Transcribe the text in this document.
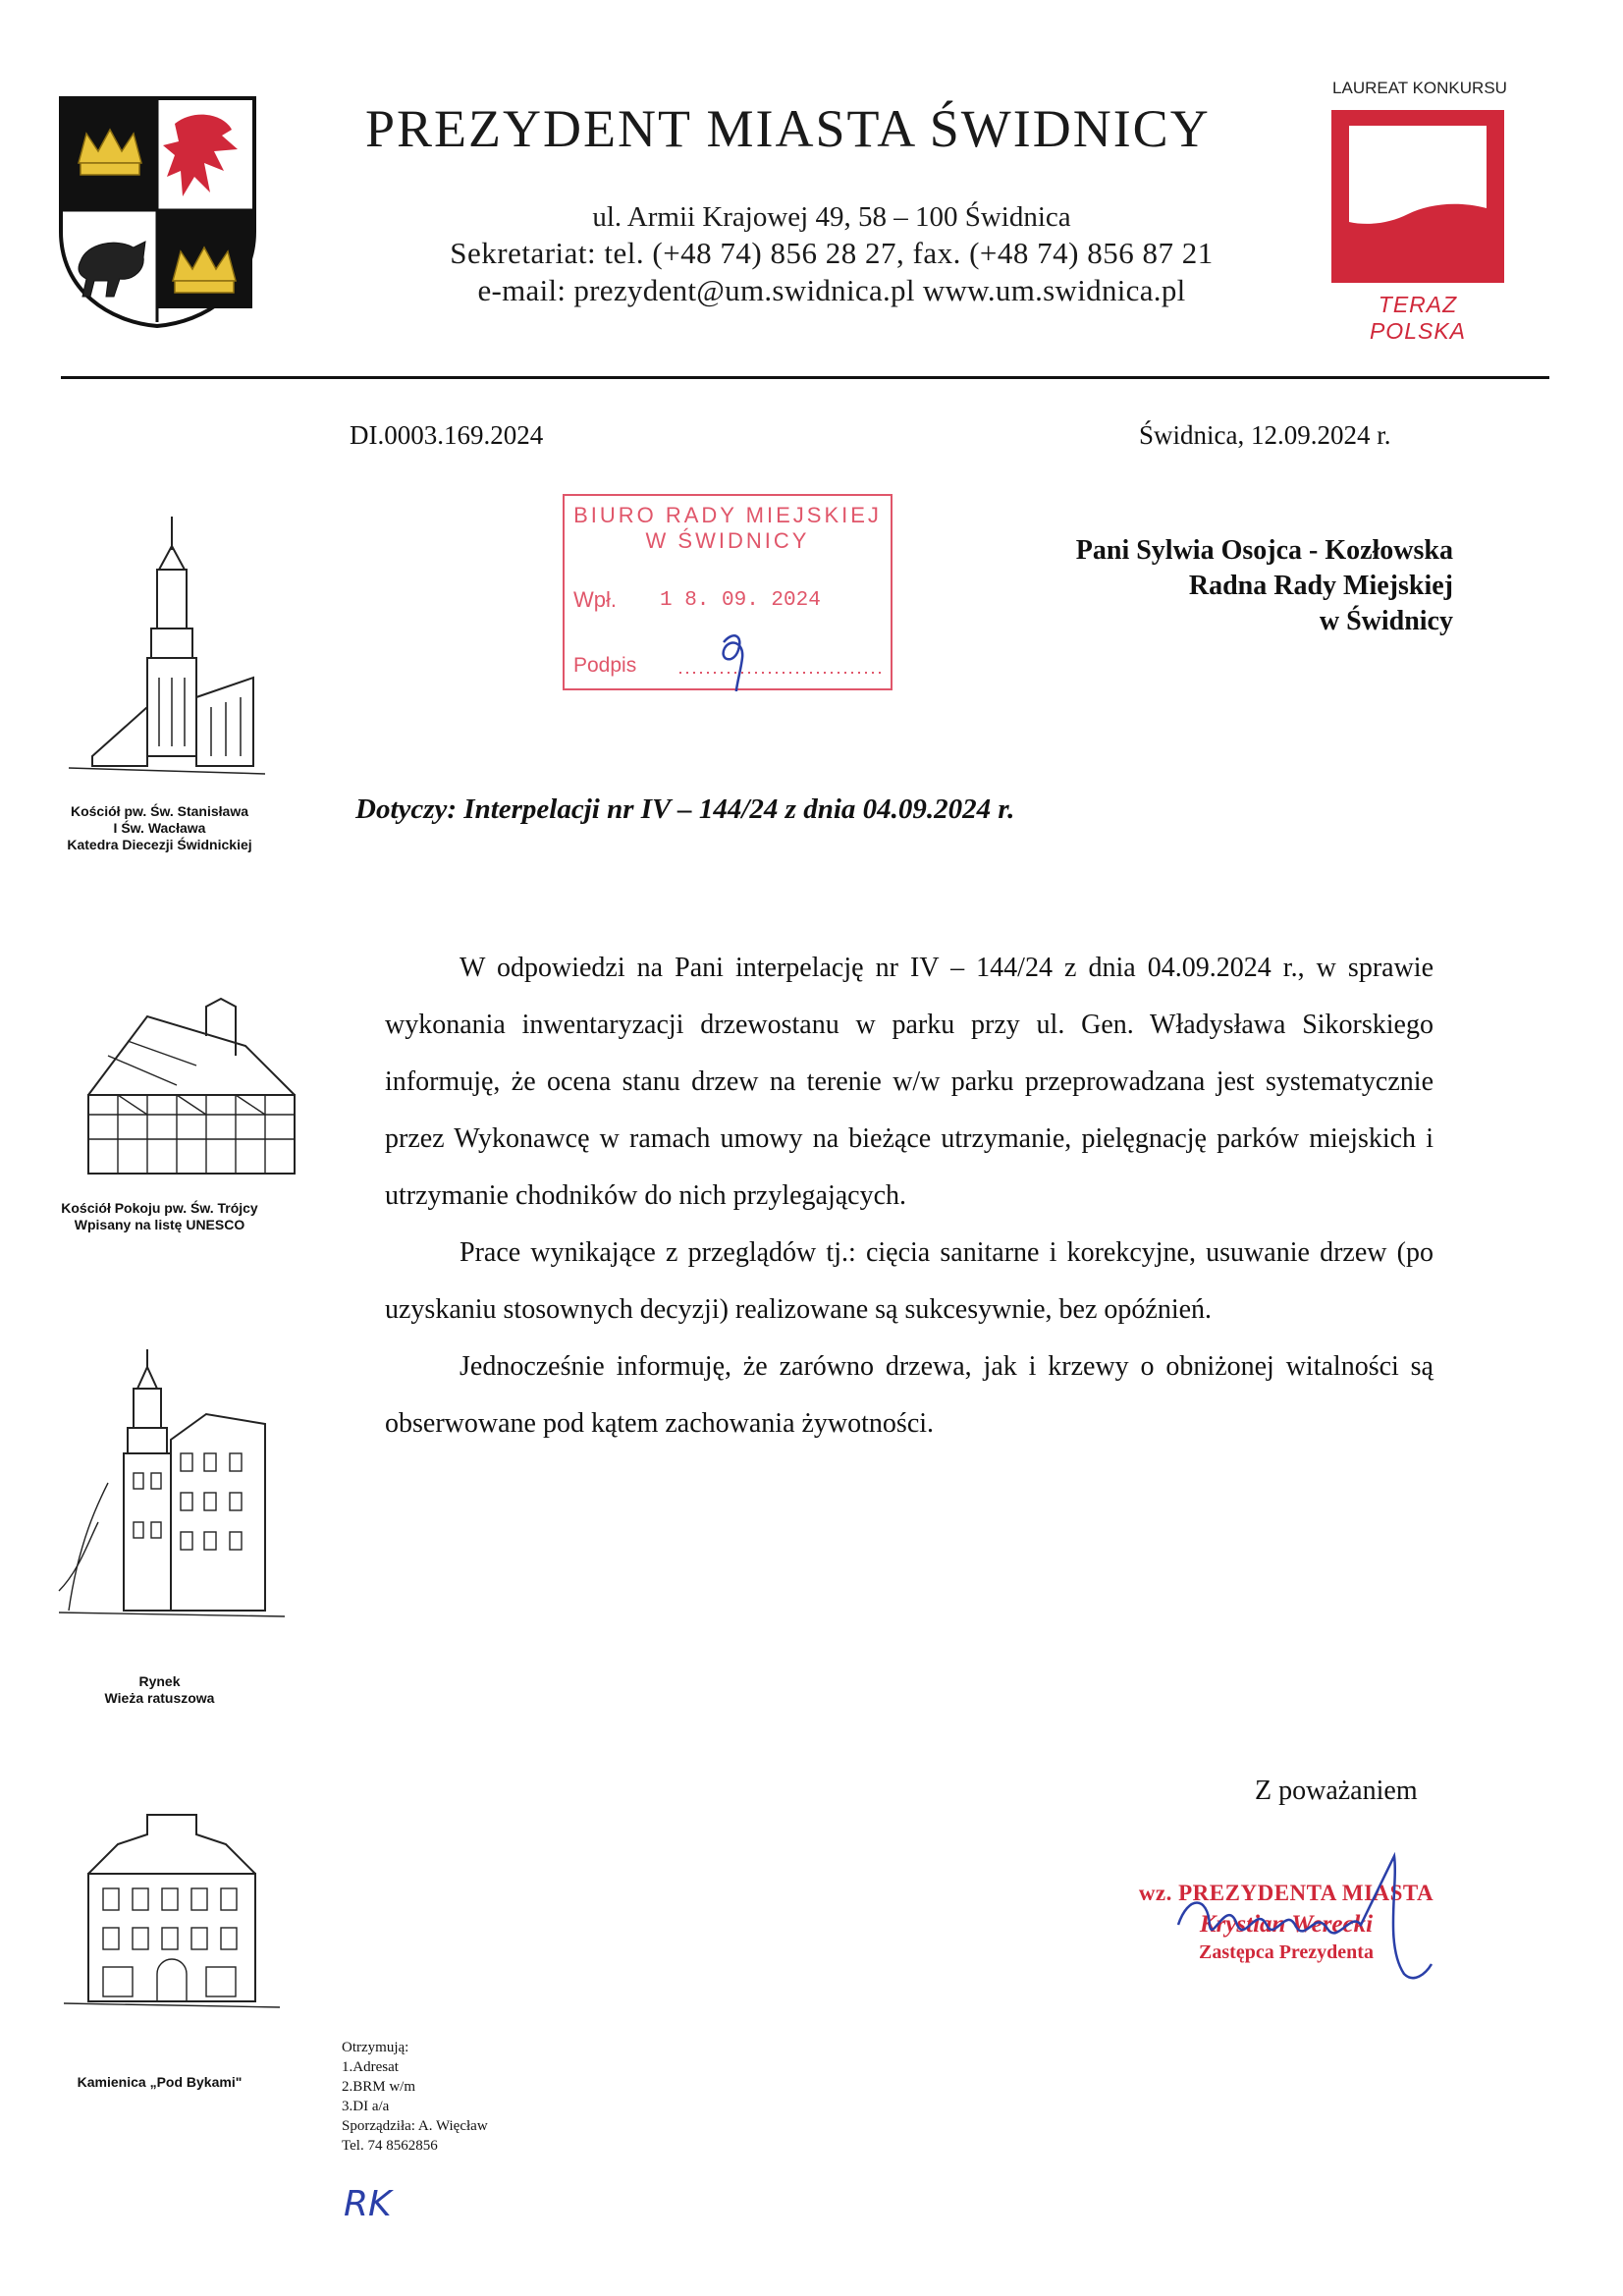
PREZYDENT MIASTA ŚWIDNICY
ul. Armii Krajowej 49, 58 – 100 Świdnica
Sekretariat: tel. (+48 74) 856 28 27, fax. (+48 74) 856 87 21
e-mail: prezydent@um.swidnica.pl www.um.swidnica.pl
LAUREAT KONKURSU
TERAZ POLSKA
Kościół pw. Św. Stanisława
I Św. Wacława
Katedra Diecezji Świdnickiej
Kościół Pokoju pw. Św. Trójcy
Wpisany na listę UNESCO
Rynek
Wieża ratuszowa
Kamienica „Pod Bykami"
DI.0003.169.2024	Świdnica, 12.09.2024 r.
BIURO RADY MIEJSKIEJ
W ŚWIDNICY
Wpł. 1 8. 09. 2024
Podpis
Pani Sylwia Osojca - Kozłowska
Radna Rady Miejskiej
w Świdnicy
Dotyczy: Interpelacji nr IV – 144/24 z dnia 04.09.2024 r.

W odpowiedzi na Pani interpelację nr IV – 144/24 z dnia 04.09.2024 r., w sprawie wykonania inwentaryzacji drzewostanu w parku przy ul. Gen. Władysława Sikorskiego informuję, że ocena stanu drzew na terenie w/w parku przeprowadzana jest systematycznie przez Wykonawcę w ramach umowy na bieżące utrzymanie, pielęgnację parków miejskich i utrzymanie chodników do nich przylegających.

Prace wynikające z przeglądów tj.: cięcia sanitarne i korekcyjne, usuwanie drzew (po uzyskaniu stosownych decyzji) realizowane są sukcesywnie, bez opóźnień.

Jednocześnie informuję, że zarówno drzewa, jak i krzewy o obniżonej witalności są obserwowane pod kątem zachowania żywotności.

Z poważaniem
wz. PREZYDENTA MIASTA
Krystian Werecki
Zastępca Prezydenta
Otrzymują:
1.Adresat
2.BRM w/m
3.DI a/a
Sporządziła: A. Więcław
Tel. 74 8562856
RK
